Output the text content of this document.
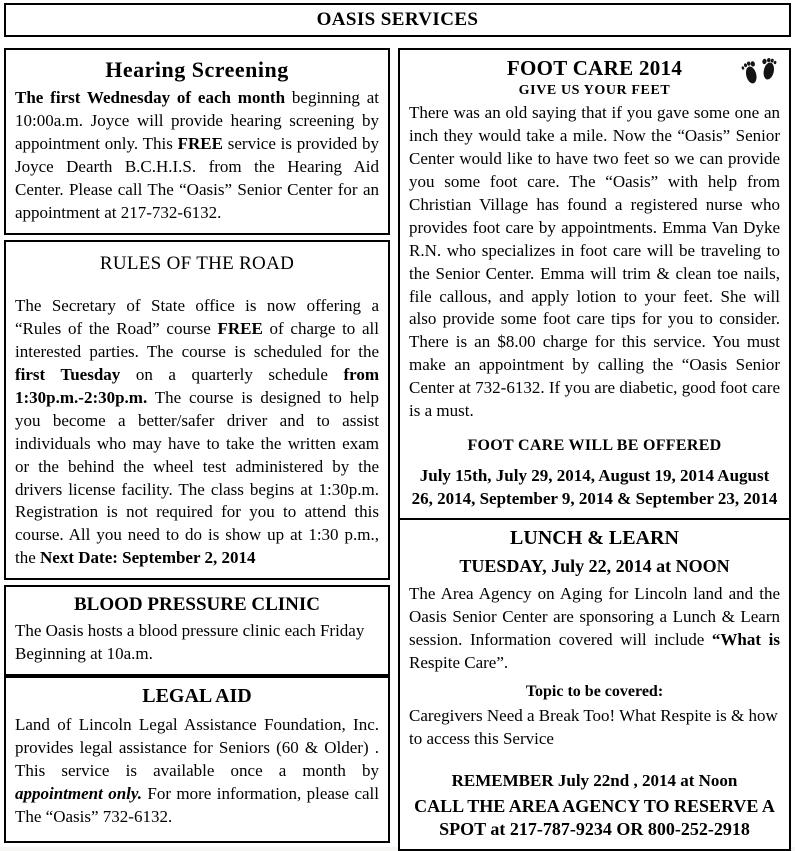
OASIS SERVICES
Hearing Screening

The first Wednesday of each month beginning at 10:00a.m. Joyce will provide hearing screening by appointment only. This FREE service is provided by Joyce Dearth B.C.H.I.S. from the Hearing Aid Center. Please call The “Oasis” Senior Center for an appointment at 217-732-6132.

RULES OF THE ROAD

The Secretary of State office is now offering a “Rules of the Road” course FREE of charge to all interested parties. The course is scheduled for the first Tuesday on a quarterly schedule from 1:30p.m.-2:30p.m. The course is designed to help you become a better/safer driver and to assist individuals who may have to take the written exam or the behind the wheel test administered by the drivers license facility. The class begins at 1:30p.m. Registration is not required for you to attend this course. All you need to do is show up at 1:30 p.m., the Next Date: September 2, 2014

BLOOD PRESSURE CLINIC

The Oasis hosts a blood pressure clinic each Friday Beginning at 10a.m.

LEGAL AID

Land of Lincoln Legal Assistance Foundation, Inc. provides legal assistance for Seniors (60 & Older) . This service is available once a month by appointment only. For more information, please call The “Oasis” 732-6132.

FOOT CARE 2014
GIVE US YOUR FEET

There was an old saying that if you gave some one an inch they would take a mile. Now the “Oasis” Senior Center would like to have two feet so we can provide you some foot care. The “Oasis” with help from Christian Village has found a registered nurse who provides foot care by appointments. Emma Van Dyke R.N. who specializes in foot care will be traveling to the Senior Center. Emma will trim & clean toe nails, file callous, and apply lotion to your feet. She will also provide some foot care tips for you to consider. There is an $8.00 charge for this service. You must make an appointment by calling the “Oasis Senior Center at 732-6132. If you are diabetic, good foot care is a must.

FOOT CARE WILL BE OFFERED
July 15th, July 29, 2014, August 19, 2014 August 26, 2014, September 9, 2014 & September 23, 2014
LUNCH & LEARN
TUESDAY, July 22, 2014 at NOON

The Area Agency on Aging for Lincoln land and the Oasis Senior Center are sponsoring a Lunch & Learn session. Information covered will include “What is Respite Care”.

Topic to be covered:

Caregivers Need a Break Too! What Respite is & how to access this Service

REMEMBER July 22nd , 2014 at Noon
CALL THE AREA AGENCY TO RESERVE A SPOT at 217-787-9234 OR 800-252-2918
